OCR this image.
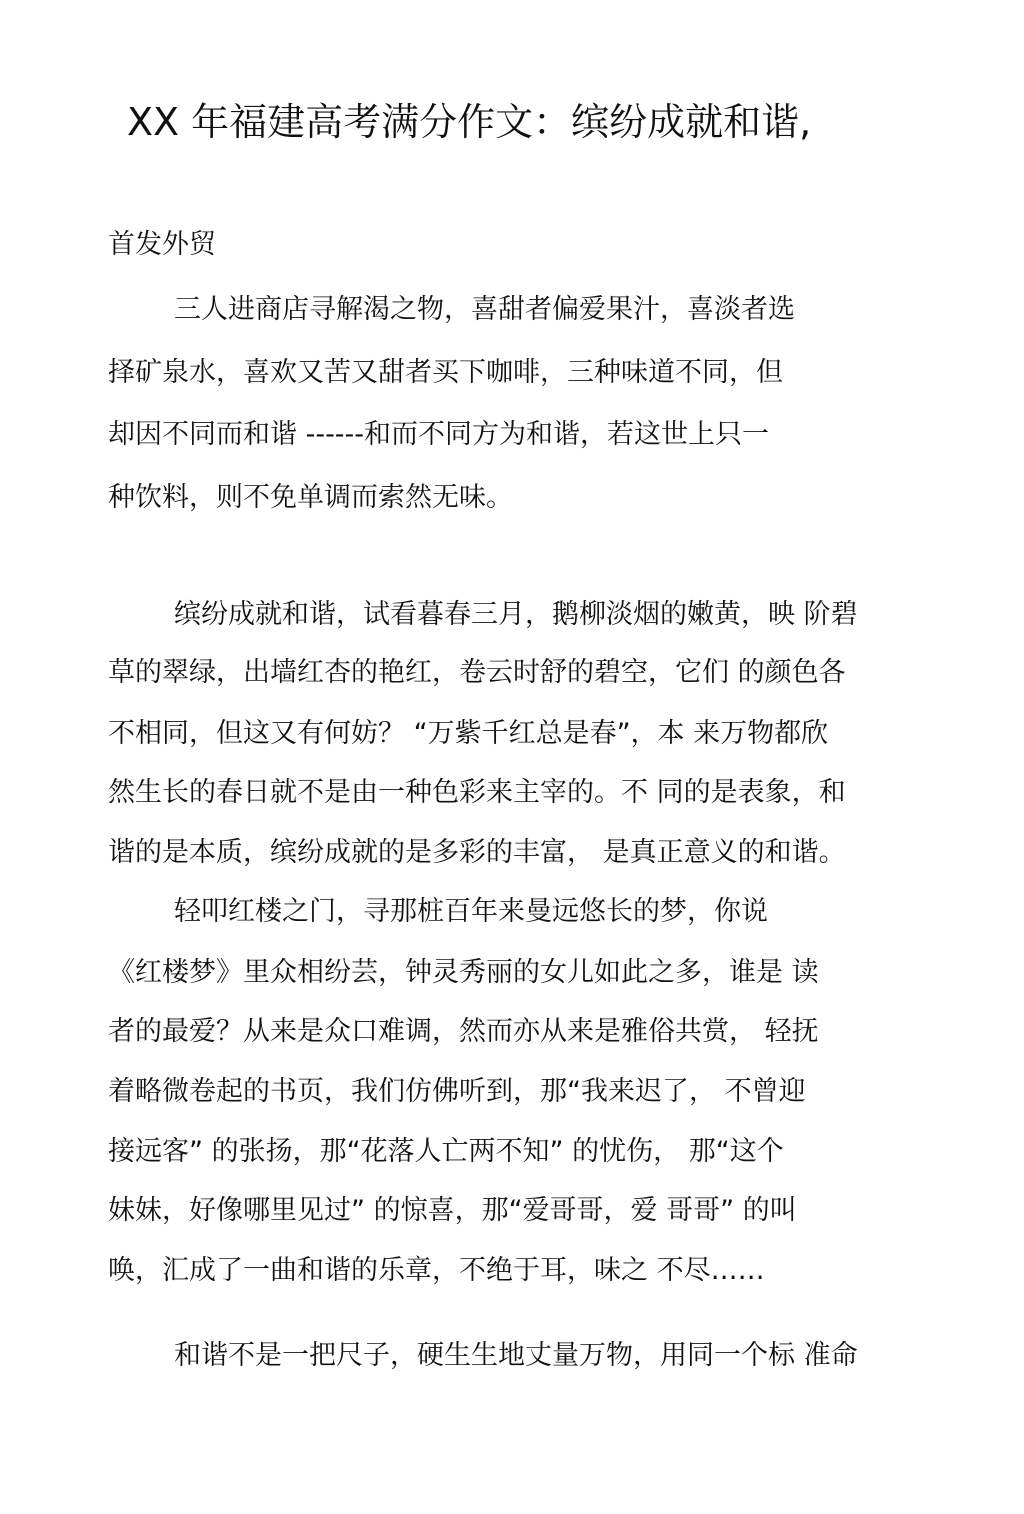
XX 年福建高考满分作文：缤纷成就和谐,
首发外贸
三人进商店寻解渴之物，喜甜者偏爱果汁，喜淡者选
择矿泉水，喜欢又苦又甜者买下咖啡，三种味道不同，但
却因不同而和谐 ------和而不同方为和谐，若这世上只一
种饮料，则不免单调而索然无味。
缤纷成就和谐，试看暮春三月，鹅柳淡烟的嫩黄，映 阶碧
草的翠绿，出墙红杏的艳红，卷云时舒的碧空，它们 的颜色各
不相同，但这又有何妨？ “万紫千红总是春”，本 来万物都欣
然生长的春日就不是由一种色彩来主宰的。不 同的是表象，和
谐的是本质，缤纷成就的是多彩的丰富， 是真正意义的和谐。
轻叩红楼之门，寻那桩百年来曼远悠长的梦，你说
《红楼梦》里众相纷芸，钟灵秀丽的女儿如此之多，谁是 读
者的最爱？从来是众口难调，然而亦从来是雅俗共赏， 轻抚
着略微卷起的书页，我们仿佛听到，那“我来迟了， 不曾迎
接远客” 的张扬，那“花落人亡两不知” 的忧伤， 那“这个
妹妹，好像哪里见过” 的惊喜，那“爱哥哥，爱 哥哥” 的叫
唤，汇成了一曲和谐的乐章，不绝于耳，味之 不尽……
和谐不是一把尺子，硬生生地丈量万物，用同一个标 准命
